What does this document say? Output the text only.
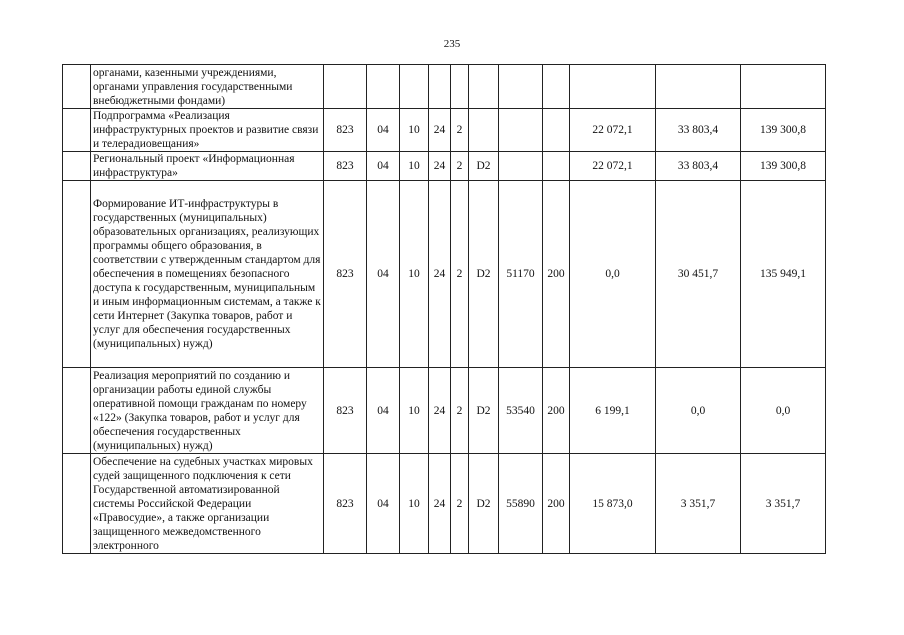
235
	органами, казенными учреждениями, органами управления государственными внебюджетными фондами)											
	Подпрограмма «Реализация инфраструктурных проектов и развитие связи и телерадиовещания»	823	04	10	24	2				22 072,1	33 803,4	139 300,8
	Региональный проект «Информационная инфраструктура»	823	04	10	24	2	D2			22 072,1	33 803,4	139 300,8
	Формирование ИТ-инфраструктуры в государственных (муниципальных) образовательных организациях, реализующих программы общего образования, в соответствии с утвержденным стандартом для обеспечения в помещениях безопасного доступа к государственным, муниципальным и иным информационным системам, а также к сети Интернет (Закупка товаров, работ и услуг для обеспечения государственных (муниципальных) нужд)	823	04	10	24	2	D2	51170	200	0,0	30 451,7	135 949,1
	Реализация мероприятий по созданию и организации работы единой службы оперативной помощи гражданам по номеру «122» (Закупка товаров, работ и услуг для обеспечения государственных (муниципальных) нужд)	823	04	10	24	2	D2	53540	200	6 199,1	0,0	0,0
	Обеспечение на судебных участках мировых судей защищенного подключения к сети Государственной автоматизированной системы Российской Федерации «Правосудие», а также организации защищенного межведомственного электронного	823	04	10	24	2	D2	55890	200	15 873,0	3 351,7	3 351,7
